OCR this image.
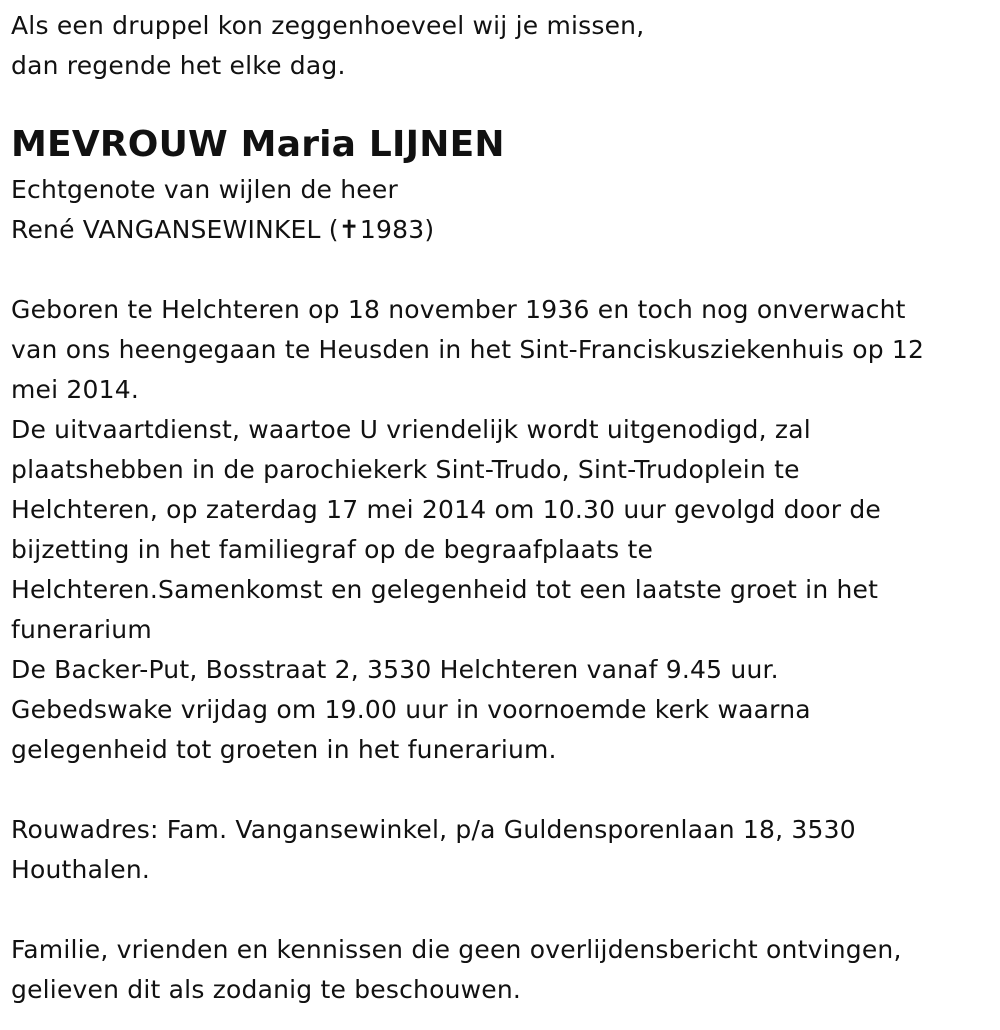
Als een druppel kon zeggenhoeveel wij je missen,
dan regende het elke dag.
MEVROUW Maria LIJNEN
Echtgenote van wijlen de heer
René VANGANSEWINKEL (✝1983)
Geboren te Helchteren op 18 november 1936 en toch nog onverwacht
van ons heengegaan te Heusden in het Sint-Franciskusziekenhuis op 12
mei 2014.
De uitvaartdienst, waartoe U vriendelijk wordt uitgenodigd, zal
plaatshebben in de parochiekerk Sint-Trudo, Sint-Trudoplein te
Helchteren, op zaterdag 17 mei 2014 om 10.30 uur gevolgd door de
bijzetting in het familiegraf op de begraafplaats te
Helchteren.Samenkomst en gelegenheid tot een laatste groet in het
funerarium
De Backer-Put, Bosstraat 2, 3530 Helchteren vanaf 9.45 uur.
Gebedswake vrijdag om 19.00 uur in voornoemde kerk waarna
gelegenheid tot groeten in het funerarium.
Rouwadres: Fam. Vangansewinkel, p/a Guldensporenlaan 18, 3530
Houthalen.
Familie, vrienden en kennissen die geen overlijdensbericht ontvingen,
gelieven dit als zodanig te beschouwen.
